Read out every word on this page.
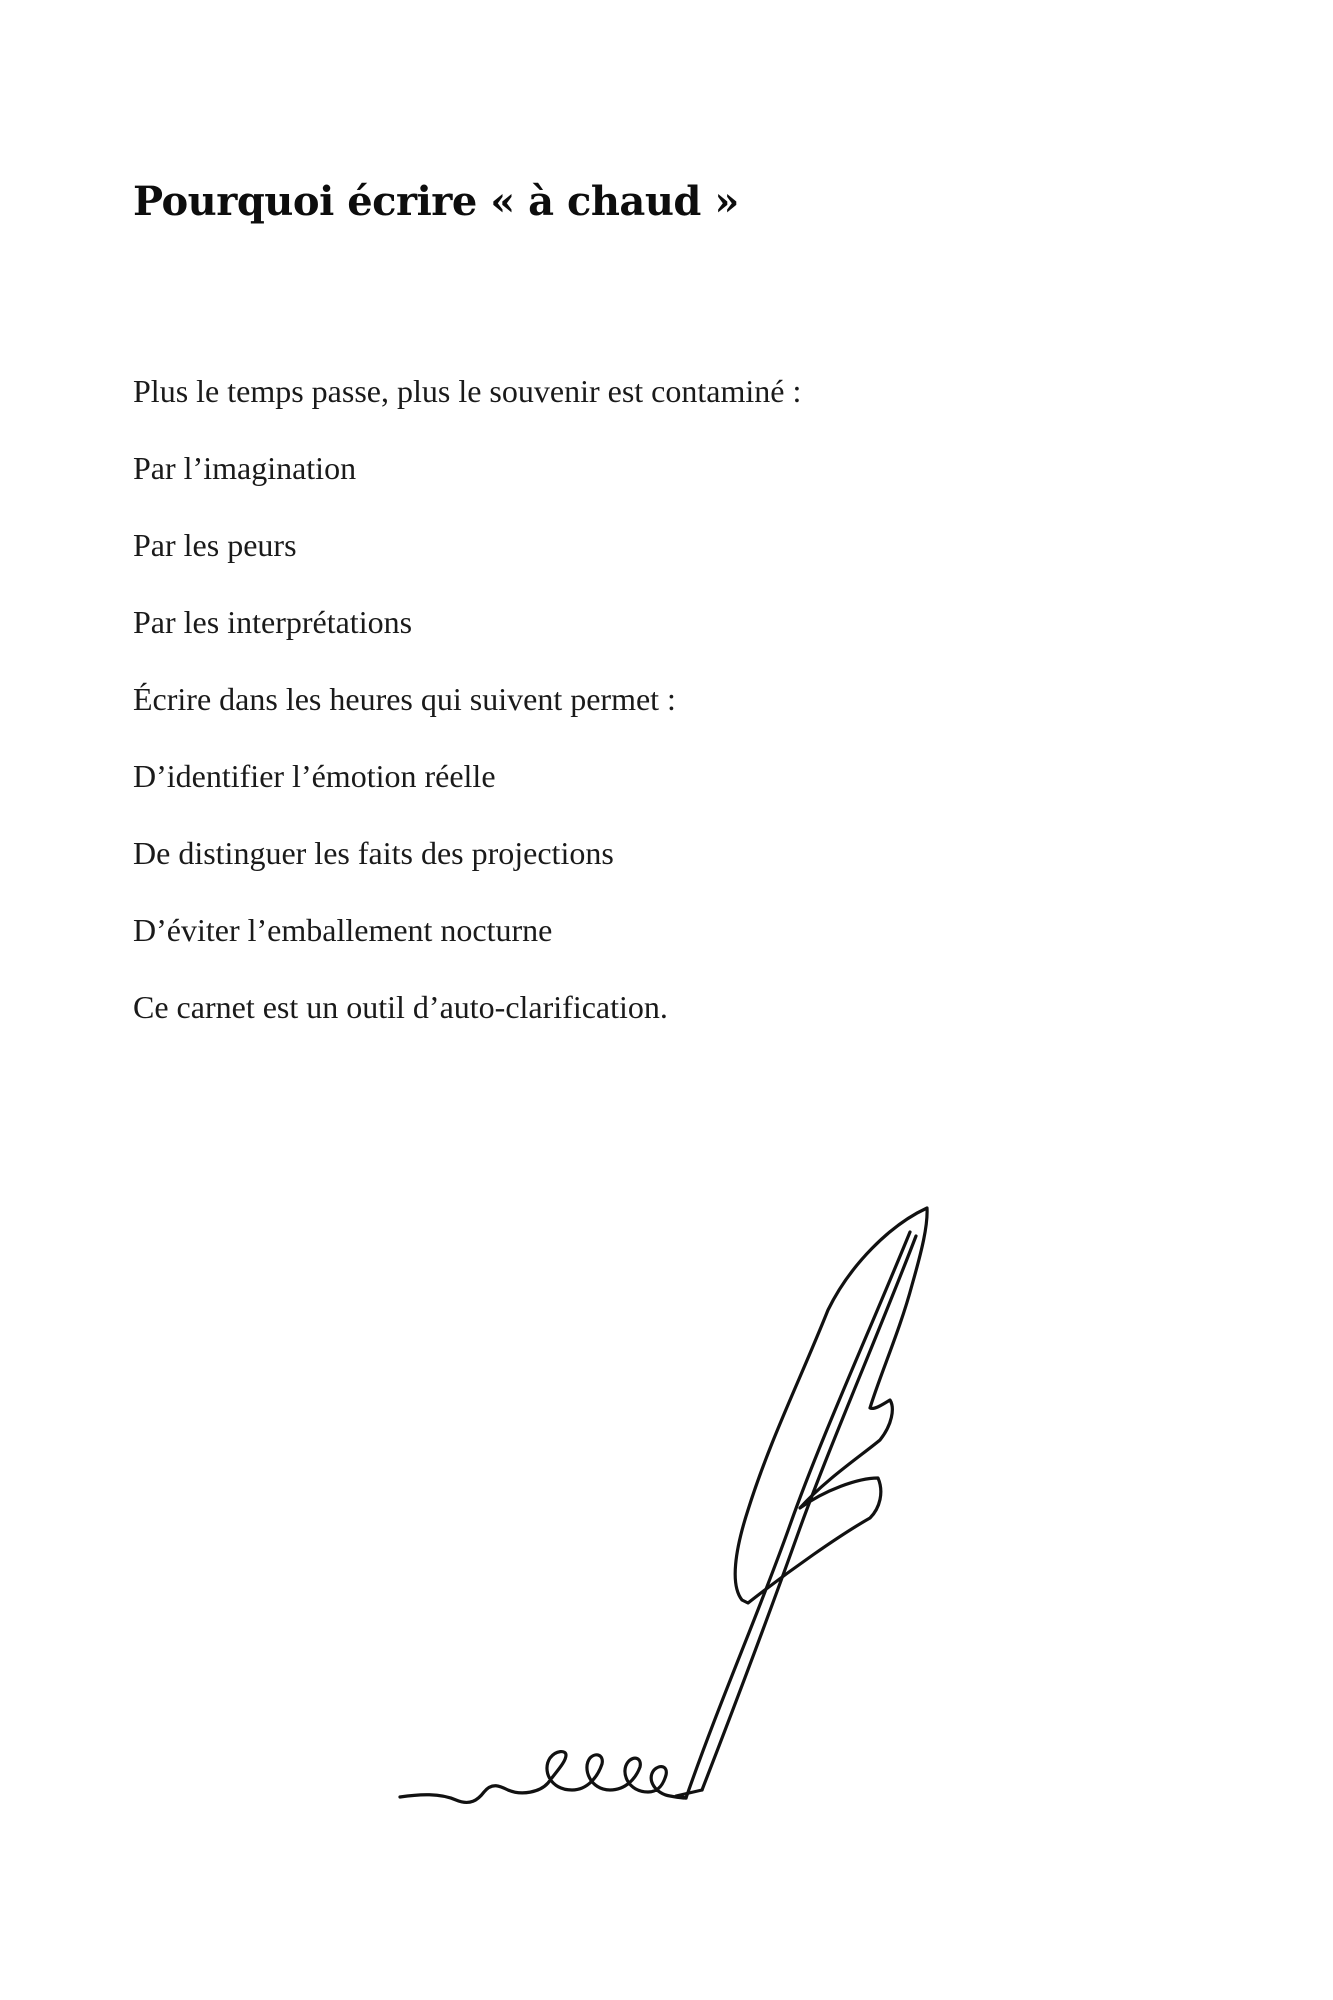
Pourquoi écrire « à chaud »
Plus le temps passe, plus le souvenir est contaminé :
Par l’imagination
Par les peurs
Par les interprétations
Écrire dans les heures qui suivent permet :
D’identifier l’émotion réelle
De distinguer les faits des projections
D’éviter l’emballement nocturne
Ce carnet est un outil d’auto-clarification.
